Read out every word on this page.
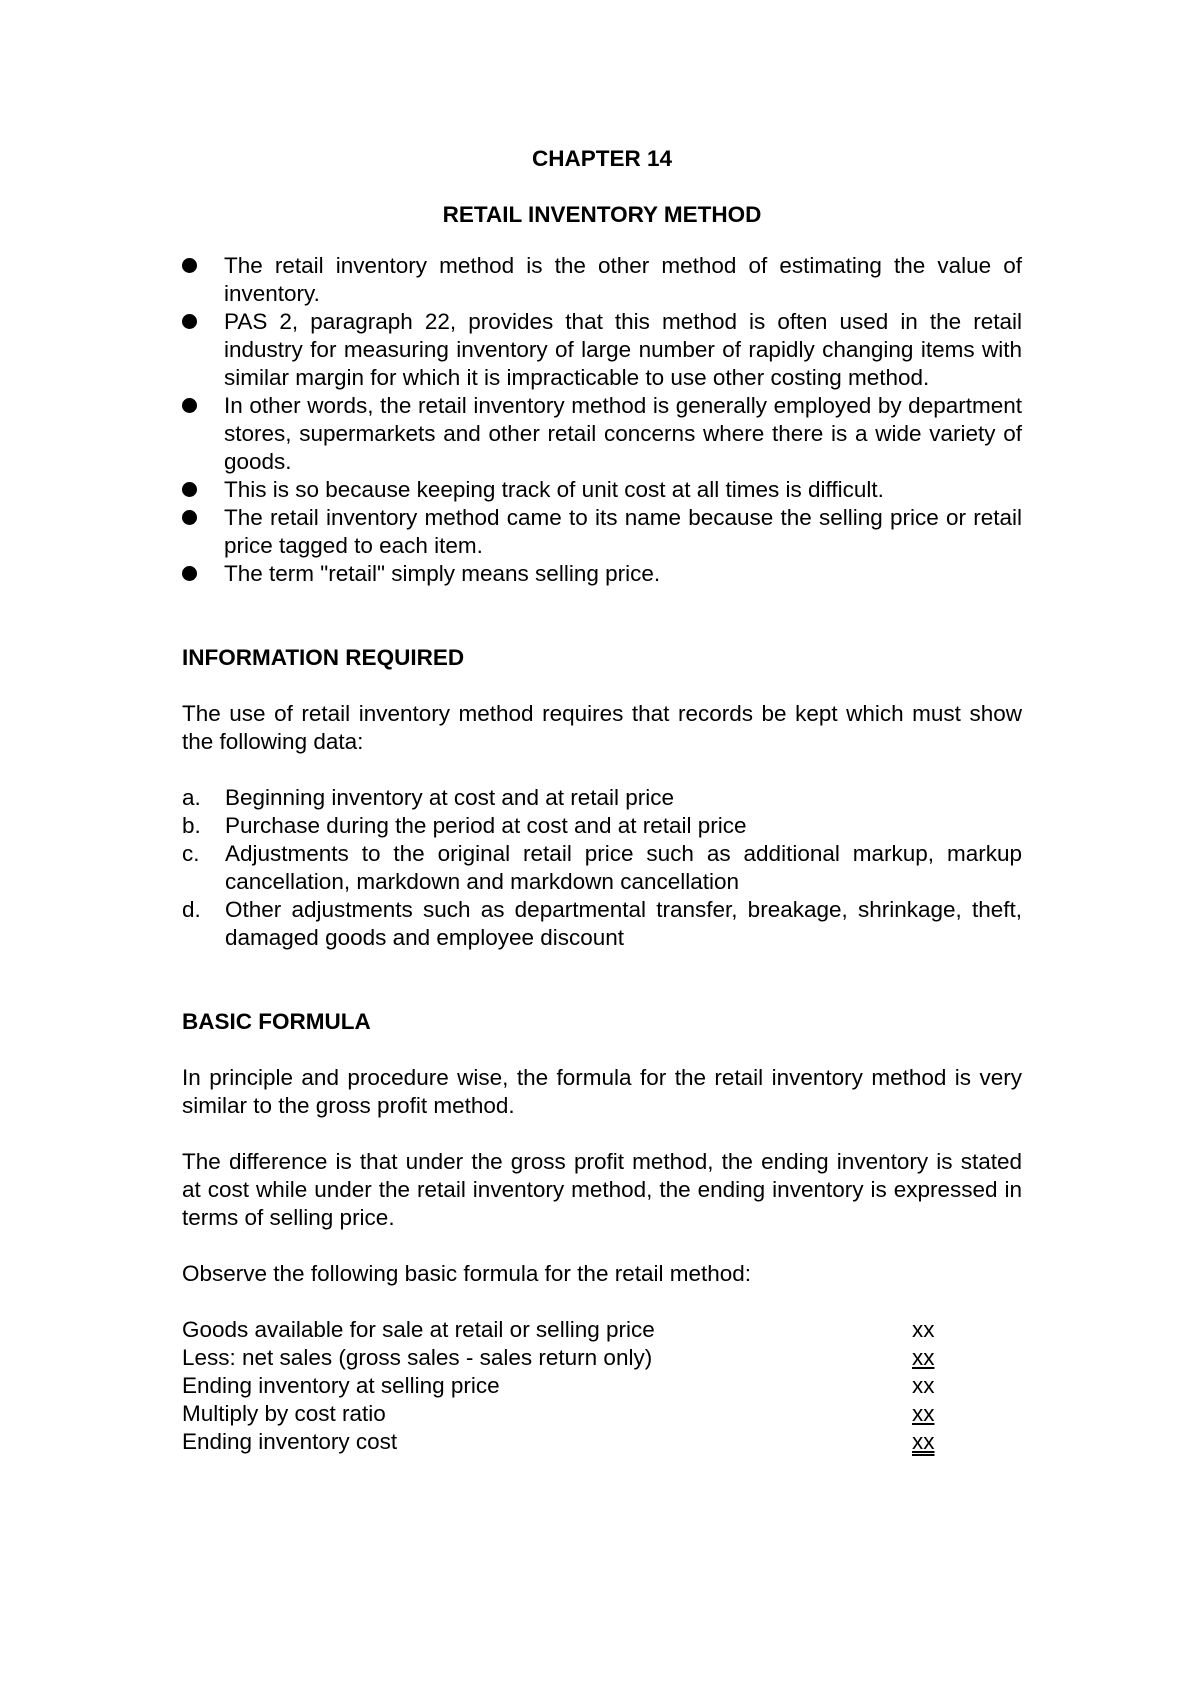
CHAPTER 14

RETAIL INVENTORY METHOD

The retail inventory method is the other method of estimating the value of inventory.
PAS 2, paragraph 22, provides that this method is often used in the retail industry for measuring inventory of large number of rapidly changing items with similar margin for which it is impracticable to use other costing method.
In other words, the retail inventory method is generally employed by department stores, supermarkets and other retail concerns where there is a wide variety of goods.
This is so because keeping track of unit cost at all times is difficult.
The retail inventory method came to its name because the selling price or retail price tagged to each item.
The term "retail" simply means selling price.
INFORMATION REQUIRED

The use of retail inventory method requires that records be kept which must show the following data:

a. Beginning inventory at cost and at retail price
b. Purchase during the period at cost and at retail price
c. Adjustments to the original retail price such as additional markup, markup cancellation, markdown and markdown cancellation
d. Other adjustments such as departmental transfer, breakage, shrinkage, theft, damaged goods and employee discount
BASIC FORMULA

In principle and procedure wise, the formula for the retail inventory method is very similar to the gross profit method.

The difference is that under the gross profit method, the ending inventory is stated at cost while under the retail inventory method, the ending inventory is expressed in terms of selling price.

Observe the following basic formula for the retail method:

Goods available for sale at retail or selling price	xx
Less: net sales (gross sales - sales return only)	xx
Ending inventory at selling price	xx
Multiply by cost ratio	xx
Ending inventory cost	xx
